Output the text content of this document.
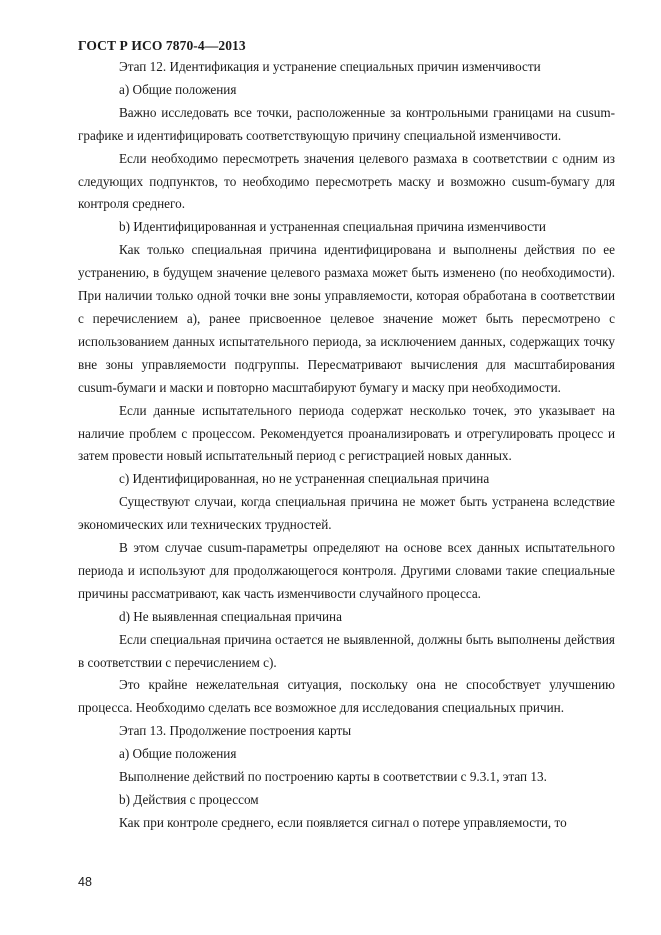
ГОСТ Р ИСО 7870-4—2013

Этап 12. Идентификация и устранение специальных причин изменчивости

a) Общие положения

Важно исследовать все точки, расположенные за контрольными границами на cusum-графике и идентифицировать соответствующую причину специальной изменчивости.

Если необходимо пересмотреть значения целевого размаха в соответствии с одним из следующих подпунктов, то необходимо пересмотреть маску и возможно cusum-бумагу для контроля среднего.

b) Идентифицированная и устраненная специальная причина изменчивости

Как только специальная причина идентифицирована и выполнены действия по ее устранению, в будущем значение целевого размаха может быть изменено (по необходимости). При наличии только одной точки вне зоны управляемости, которая обработана в соответствии с перечислением a), ранее присвоенное целевое значение может быть пересмотрено с использованием данных испытательного периода, за исключением данных, содержащих точку вне зоны управляемости подгруппы. Пересматривают вычисления для масштабирования cusum-бумаги и маски и повторно масштабируют бумагу и маску при необходимости.

Если данные испытательного периода содержат несколько точек, это указывает на наличие проблем с процессом. Рекомендуется проанализировать и отрегулировать процесс и затем провести новый испытательный период с регистрацией новых данных.

c) Идентифицированная, но не устраненная специальная причина

Существуют случаи, когда специальная причина не может быть устранена вследствие экономических или технических трудностей.

В этом случае cusum-параметры определяют на основе всех данных испытательного периода и используют для продолжающегося контроля. Другими словами такие специальные причины рассматривают, как часть изменчивости случайного процесса.

d) Не выявленная специальная причина

Если специальная причина остается не выявленной, должны быть выполнены действия в соответствии с перечислением c).

Это крайне нежелательная ситуация, поскольку она не способствует улучшению процесса. Необходимо сделать все возможное для исследования специальных причин.

Этап 13. Продолжение построения карты

a) Общие положения

Выполнение действий по построению карты в соответствии с 9.3.1, этап 13.

b) Действия с процессом

Как при контроле среднего, если появляется сигнал о потере управляемости, то

48
